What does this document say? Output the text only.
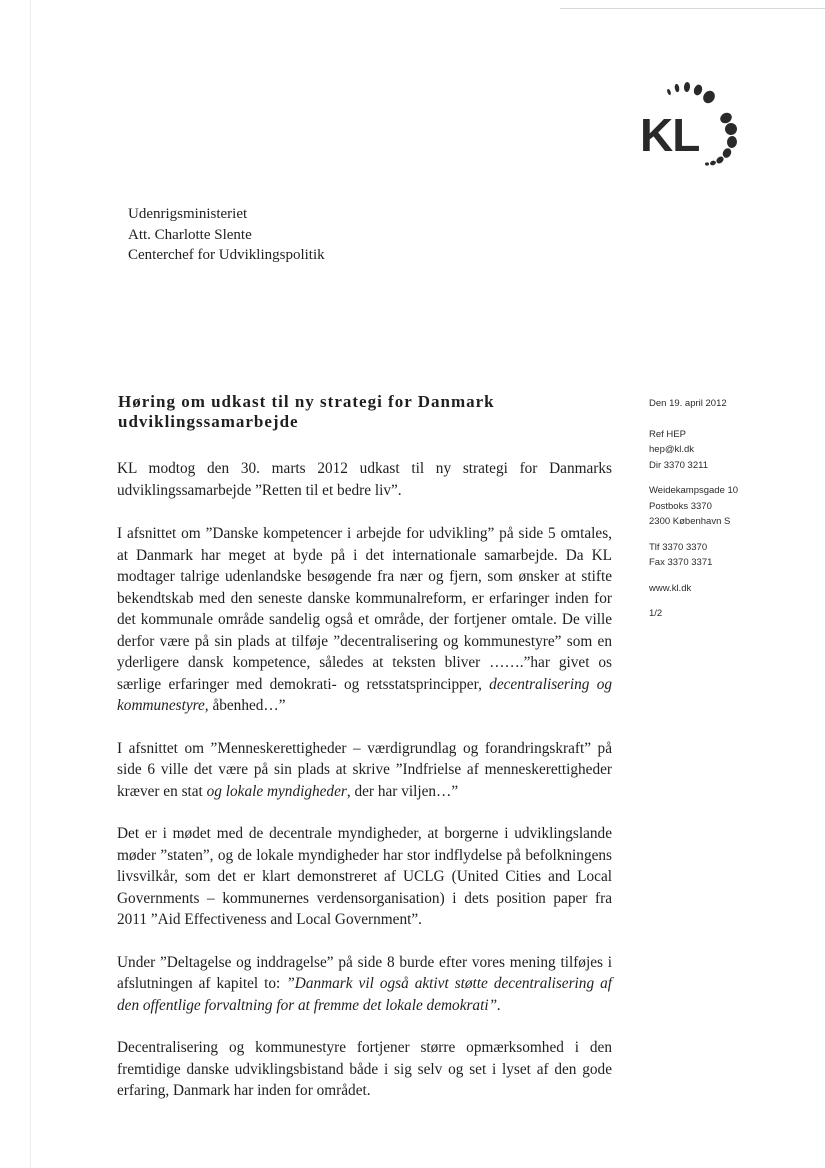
KL
Udenrigsministeriet
Att. Charlotte Slente
Centerchef for Udviklingspolitik
Høring om udkast til ny strategi for Danmark
udviklingssamarbejde
Den 19. april 2012
Ref HEP
hep@kl.dk
Dir 3370 3211
Weidekampsgade 10
Postboks 3370
2300 København S
Tlf 3370 3370
Fax 3370 3371
www.kl.dk
1/2

KL modtog den 30. marts 2012 udkast til ny strategi for Danmarks udviklingssamarbejde ”Retten til et bedre liv”.

I afsnittet om ”Danske kompetencer i arbejde for udvikling” på side 5 omtales, at Danmark har meget at byde på i det internationale samarbejde. Da KL modtager talrige udenlandske besøgende fra nær og fjern, som ønsker at stifte bekendtskab med den seneste danske kommunalreform, er erfaringer inden for det kommunale område sandelig også et område, der fortjener omtale. De ville derfor være på sin plads at tilføje ”decentralisering og kommunestyre” som en yderligere dansk kompetence, således at teksten bliver …….”har givet os særlige erfaringer med demokrati- og retsstatsprincipper, decentralisering og kommunestyre, åbenhed…”

I afsnittet om ”Menneskerettigheder – værdigrundlag og forandringskraft” på side 6 ville det være på sin plads at skrive ”Indfrielse af menneskerettigheder kræver en stat og lokale myndigheder, der har viljen…”

Det er i mødet med de decentrale myndigheder, at borgerne i udviklingslande møder ”staten”, og de lokale myndigheder har stor indflydelse på befolkningens livsvilkår, som det er klart demonstreret af UCLG (United Cities and Local Governments – kommunernes verdensorganisation) i dets position paper fra 2011 ”Aid Effectiveness and Local Government”.

Under ”Deltagelse og inddragelse” på side 8 burde efter vores mening tilføjes i afslutningen af kapitel to: ”Danmark vil også aktivt støtte decentralisering af den offentlige forvaltning for at fremme det lokale demokrati”.

Decentralisering og kommunestyre fortjener større opmærksomhed i den fremtidige danske udviklingsbistand både i sig selv og set i lyset af den gode erfaring, Danmark har inden for området.
